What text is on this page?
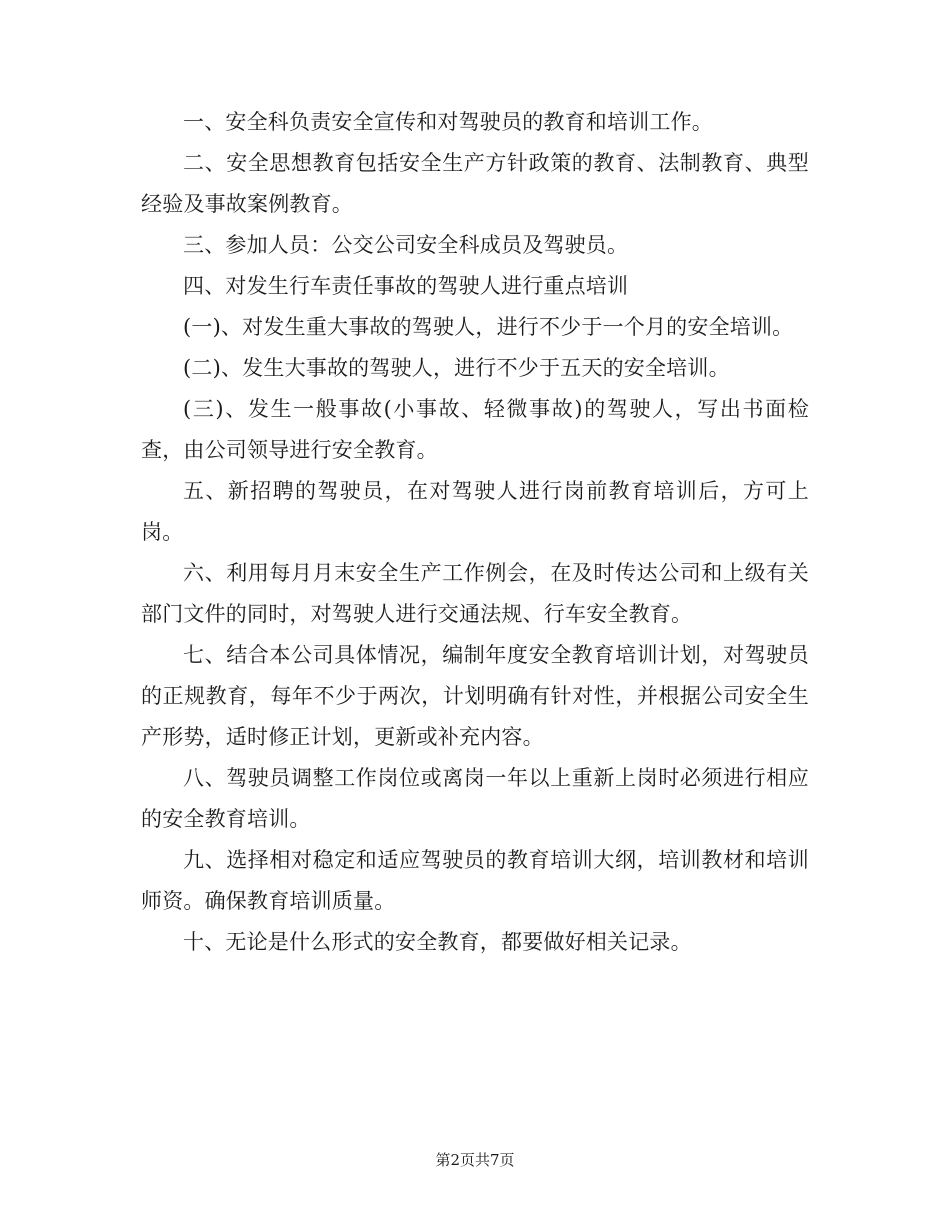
一、安全科负责安全宣传和对驾驶员的教育和培训工作。

二、安全思想教育包括安全生产方针政策的教育、法制教育、典型经验及事故案例教育。

三、参加人员：公交公司安全科成员及驾驶员。

四、对发生行车责任事故的驾驶人进行重点培训

(一)、对发生重大事故的驾驶人，进行不少于一个月的安全培训。

(二)、发生大事故的驾驶人，进行不少于五天的安全培训。

(三)、发生一般事故(小事故、轻微事故)的驾驶人，写出书面检查，由公司领导进行安全教育。

五、新招聘的驾驶员，在对驾驶人进行岗前教育培训后，方可上岗。

六、利用每月月末安全生产工作例会，在及时传达公司和上级有关部门文件的同时，对驾驶人进行交通法规、行车安全教育。

七、结合本公司具体情况，编制年度安全教育培训计划，对驾驶员的正规教育，每年不少于两次，计划明确有针对性，并根据公司安全生产形势，适时修正计划，更新或补充内容。

八、驾驶员调整工作岗位或离岗一年以上重新上岗时必须进行相应的安全教育培训。

九、选择相对稳定和适应驾驶员的教育培训大纲，培训教材和培训师资。确保教育培训质量。

十、无论是什么形式的安全教育，都要做好相关记录。

第2页共7页
